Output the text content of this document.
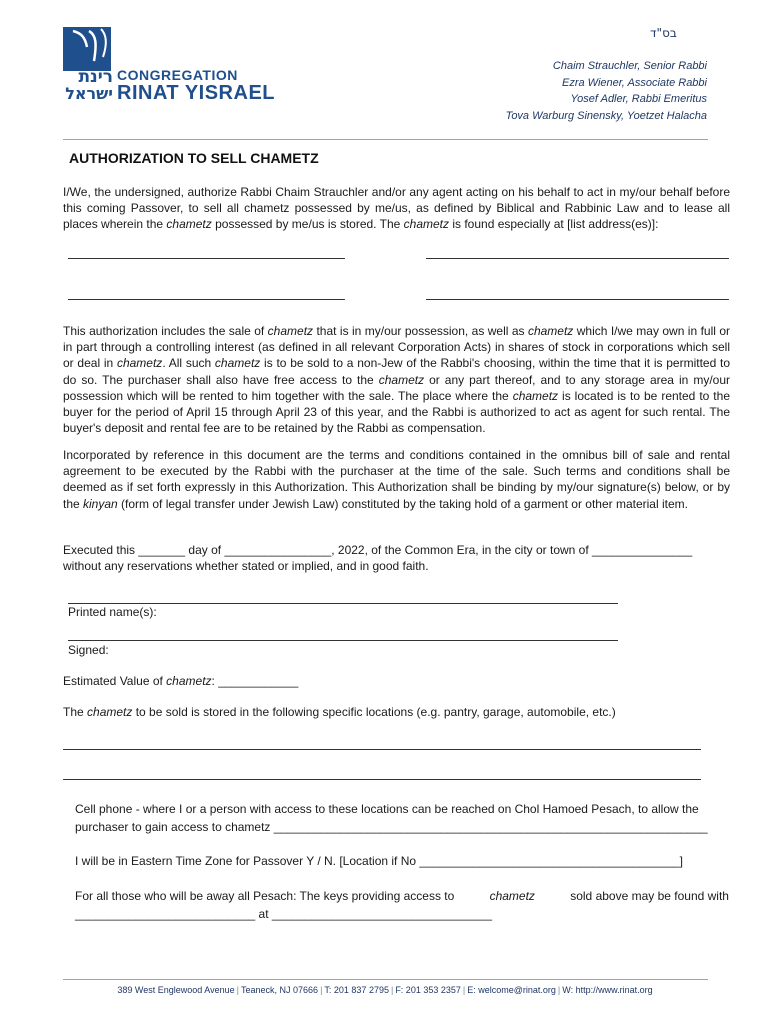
בס"ד
רינת
ישראל
CONGREGATION
RINAT YISRAEL
Chaim Strauchler, Senior Rabbi
Ezra Wiener, Associate Rabbi
Yosef Adler, Rabbi Emeritus
Tova Warburg Sinensky, Yoetzet Halacha
AUTHORIZATION TO SELL CHAMETZ
I/We, the undersigned, authorize Rabbi Chaim Strauchler and/or any agent acting on his behalf to act in my/our behalf before this coming Passover, to sell all chametz possessed by me/us, as defined by Biblical and Rabbinic Law and to lease all places wherein the chametz possessed by me/us is stored. The chametz is found especially at [list address(es)]:
This authorization includes the sale of chametz that is in my/our possession, as well as chametz which I/we may own in full or in part through a controlling interest (as defined in all relevant Corporation Acts) in shares of stock in corporations which sell or deal in chametz. All such chametz is to be sold to a non-Jew of the Rabbi's choosing, within the time that it is permitted to do so. The purchaser shall also have free access to the chametz or any part thereof, and to any storage area in my/our possession which will be rented to him together with the sale. The place where the chametz is located is to be rented to the buyer for the period of April 15 through April 23 of this year, and the Rabbi is authorized to act as agent for such rental. The buyer's deposit and rental fee are to be retained by the Rabbi as compensation.
Incorporated by reference in this document are the terms and conditions contained in the omnibus bill of sale and rental agreement to be executed by the Rabbi with the purchaser at the time of the sale. Such terms and conditions shall be deemed as if set forth expressly in this Authorization. This Authorization shall be binding by my/our signature(s) below, or by the kinyan (form of legal transfer under Jewish Law) constituted by the taking hold of a garment or other material item.
Executed this _______ day of ________________, 2022, of the Common Era, in the city or town of _______________
without any reservations whether stated or implied, and in good faith.
Printed name(s):
Signed:
Estimated Value of chametz: ____________
The chametz to be sold is stored in the following specific locations (e.g. pantry, garage, automobile, etc.)
Cell phone - where I or a person with access to these locations can be reached on Chol Hamoed Pesach, to allow the
purchaser to gain access to chametz _________________________________________________________________
I will be in Eastern Time Zone for Passover Y / N. [Location if No _______________________________________]
For all those who will be away all Pesach: The keys providing access to	chametz	sold above may be found with
___________________________ at _________________________________
389 West Englewood Avenue | Teaneck, NJ 07666 | T: 201 837 2795 | F: 201 353 2357 | E: welcome@rinat.org | W: http://www.rinat.org
